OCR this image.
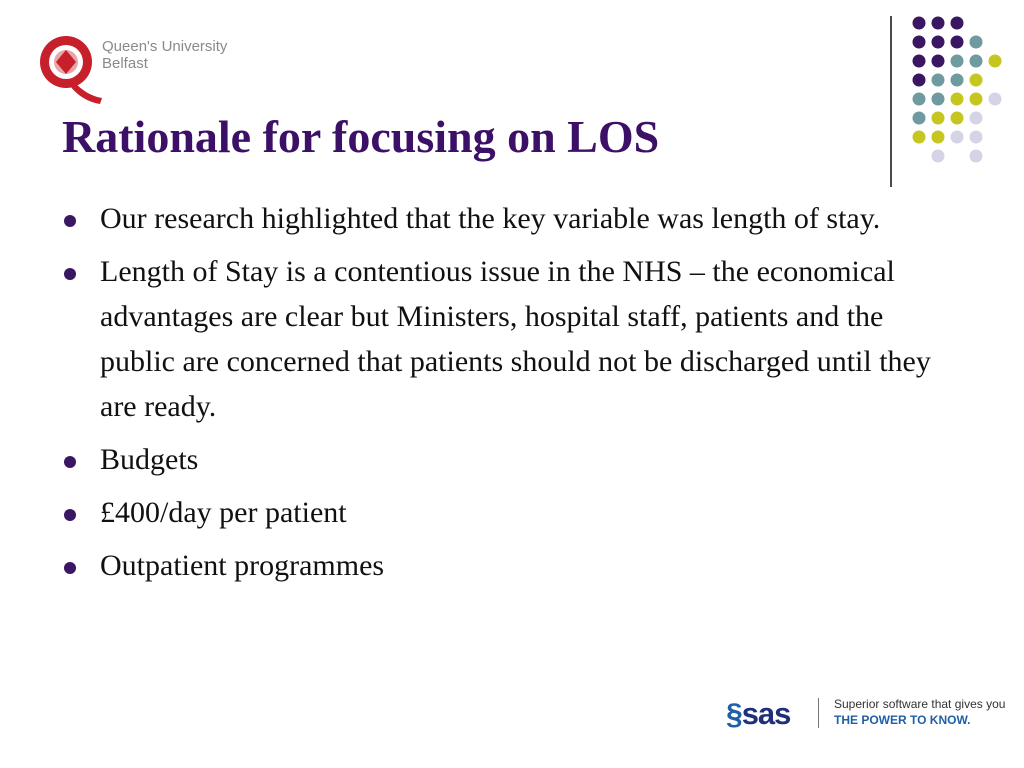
Queen's University
Belfast
Rationale for focusing on LOS
Our research highlighted that the key variable was length of stay.
Length of Stay is a contentious issue in the NHS – the economical advantages are clear but Ministers, hospital staff, patients and the public are concerned that patients should not be discharged until they are ready.
Budgets
£400/day per patient
Outpatient programmes
§sas	Superior software that gives you
THE POWER TO KNOW.
